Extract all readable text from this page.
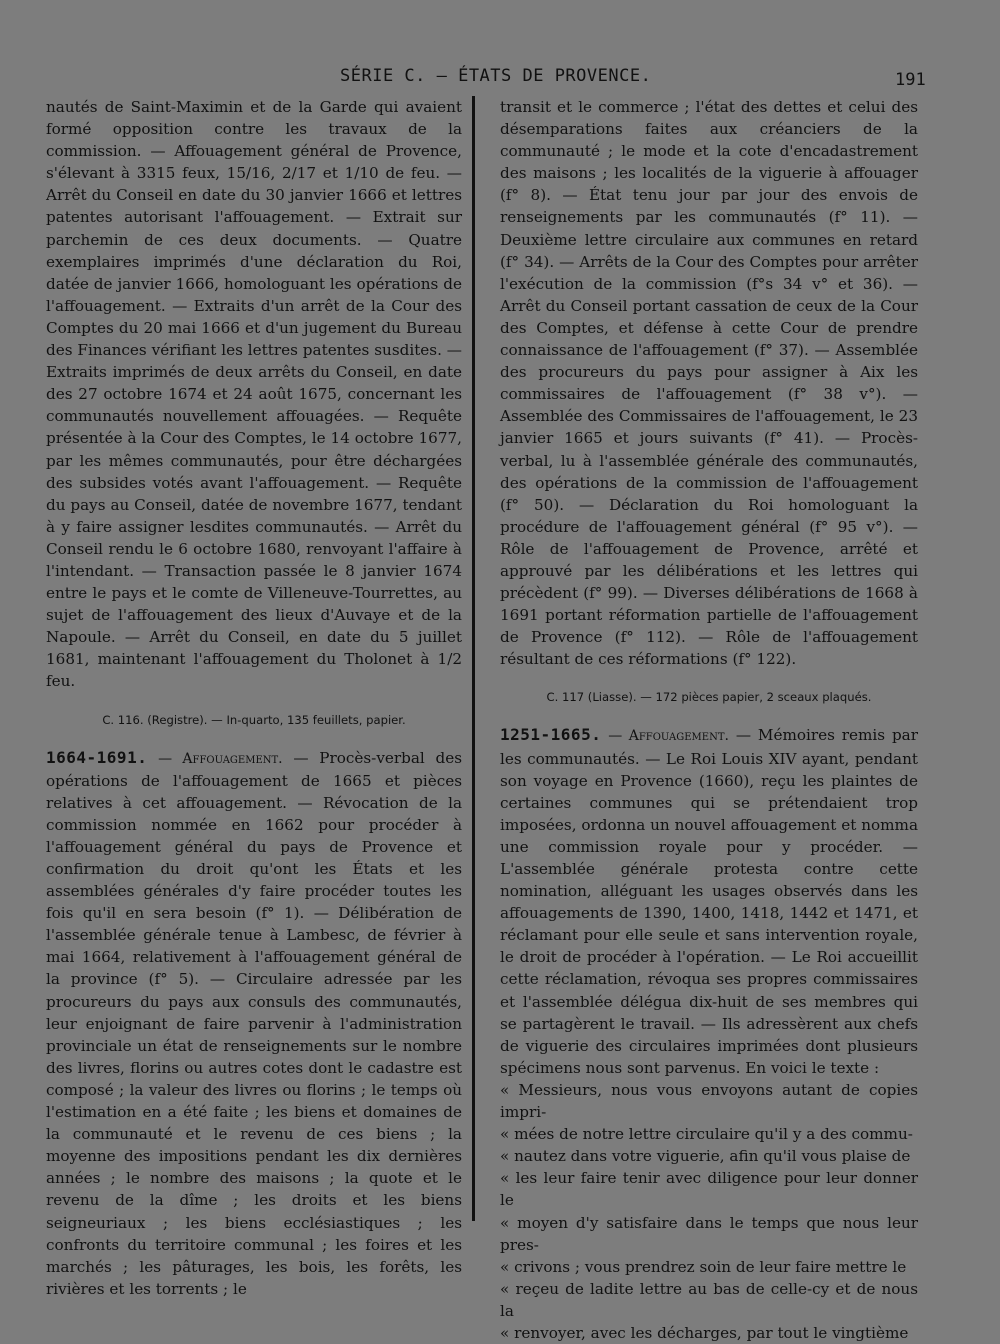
SÉRIE C. — ÉTATS DE PROVENCE.	191

nautés de Saint-Maximin et de la Garde qui avaient formé opposition contre les travaux de la commission. — Affouagement général de Provence, s'élevant à 3315 feux, 15/16, 2/17 et 1/10 de feu. — Arrêt du Conseil en date du 30 janvier 1666 et lettres patentes autorisant l'affouagement. — Extrait sur parchemin de ces deux documents. — Quatre exemplaires imprimés d'une déclaration du Roi, datée de janvier 1666, homologuant les opérations de l'affouagement. — Extraits d'un arrêt de la Cour des Comptes du 20 mai 1666 et d'un jugement du Bureau des Finances vérifiant les lettres patentes susdites. — Extraits imprimés de deux arrêts du Conseil, en date des 27 octobre 1674 et 24 août 1675, concernant les communautés nouvellement affouagées. — Requête présentée à la Cour des Comptes, le 14 octobre 1677, par les mêmes communautés, pour être déchargées des subsides votés avant l'affouagement. — Requête du pays au Conseil, datée de novembre 1677, tendant à y faire assigner lesdites communautés. — Arrêt du Conseil rendu le 6 octobre 1680, renvoyant l'affaire à l'intendant. — Transaction passée le 8 janvier 1674 entre le pays et le comte de Villeneuve-Tourrettes, au sujet de l'affouagement des lieux d'Auvaye et de la Napoule. — Arrêt du Conseil, en date du 5 juillet 1681, maintenant l'affouagement du Tholonet à 1/2 feu.

C. 116. (Registre). — In-quarto, 135 feuillets, papier.

1664-1691. — Affouagement. — Procès-verbal des opérations de l'affouagement de 1665 et pièces relatives à cet affouagement. — Révocation de la commission nommée en 1662 pour procéder à l'affouagement général du pays de Provence et confirmation du droit qu'ont les États et les assemblées générales d'y faire procéder toutes les fois qu'il en sera besoin (f° 1). — Délibération de l'assemblée générale tenue à Lambesc, de février à mai 1664, relativement à l'affouagement général de la province (f° 5). — Circulaire adressée par les procureurs du pays aux consuls des communautés, leur enjoignant de faire parvenir à l'administration provinciale un état de renseignements sur le nombre des livres, florins ou autres cotes dont le cadastre est composé ; la valeur des livres ou florins ; le temps où l'estimation en a été faite ; les biens et domaines de la communauté et le revenu de ces biens ; la moyenne des impositions pendant les dix dernières années ; le nombre des maisons ; la quote et le revenu de la dîme ; les droits et les biens seigneuriaux ; les biens ecclésiastiques ; les confronts du territoire communal ; les foires et les marchés ; les pâturages, les bois, les forêts, les rivières et les torrents ; le

transit et le commerce ; l'état des dettes et celui des désemparations faites aux créanciers de la communauté ; le mode et la cote d'encadastrement des maisons ; les localités de la viguerie à affouager (f° 8). — État tenu jour par jour des envois de renseignements par les communautés (f° 11). — Deuxième lettre circulaire aux communes en retard (f° 34). — Arrêts de la Cour des Comptes pour arrêter l'exécution de la commission (f°s 34 v° et 36). — Arrêt du Conseil portant cassation de ceux de la Cour des Comptes, et défense à cette Cour de prendre connaissance de l'affouagement (f° 37). — Assemblée des procureurs du pays pour assigner à Aix les commissaires de l'affouagement (f° 38 v°). — Assemblée des Commissaires de l'affouagement, le 23 janvier 1665 et jours suivants (f° 41). — Procès-verbal, lu à l'assemblée générale des communautés, des opérations de la commission de l'affouagement (f° 50). — Déclaration du Roi homologuant la procédure de l'affouagement général (f° 95 v°). — Rôle de l'affouagement de Provence, arrêté et approuvé par les délibérations et les lettres qui précèdent (f° 99). — Diverses délibérations de 1668 à 1691 portant réformation partielle de l'affouagement de Provence (f° 112). — Rôle de l'affouagement résultant de ces réformations (f° 122).

C. 117 (Liasse). — 172 pièces papier, 2 sceaux plaqués.

1251-1665. — Affouagement. — Mémoires remis par les communautés. — Le Roi Louis XIV ayant, pendant son voyage en Provence (1660), reçu les plaintes de certaines communes qui se prétendaient trop imposées, ordonna un nouvel affouagement et nomma une commission royale pour y procéder. — L'assemblée générale protesta contre cette nomination, alléguant les usages observés dans les affouagements de 1390, 1400, 1418, 1442 et 1471, et réclamant pour elle seule et sans intervention royale, le droit de procéder à l'opération. — Le Roi accueillit cette réclamation, révoqua ses propres commissaires et l'assemblée délégua dix-huit de ses membres qui se partagèrent le travail. — Ils adressèrent aux chefs de viguerie des circulaires imprimées dont plusieurs spécimens nous sont parvenus. En voici le texte :

« Messieurs, nous vous envoyons autant de copies impri-
« mées de notre lettre circulaire qu'il y a des commu-
« nautez dans votre viguerie, afin qu'il vous plaise de
« les leur faire tenir avec diligence pour leur donner le
« moyen d'y satisfaire dans le temps que nous leur pres-
« crivons ; vous prendrez soin de leur faire mettre le
« reçeu de ladite lettre au bas de celle-cy et de nous la
« renvoyer, avec les décharges, par tout le vingtième
